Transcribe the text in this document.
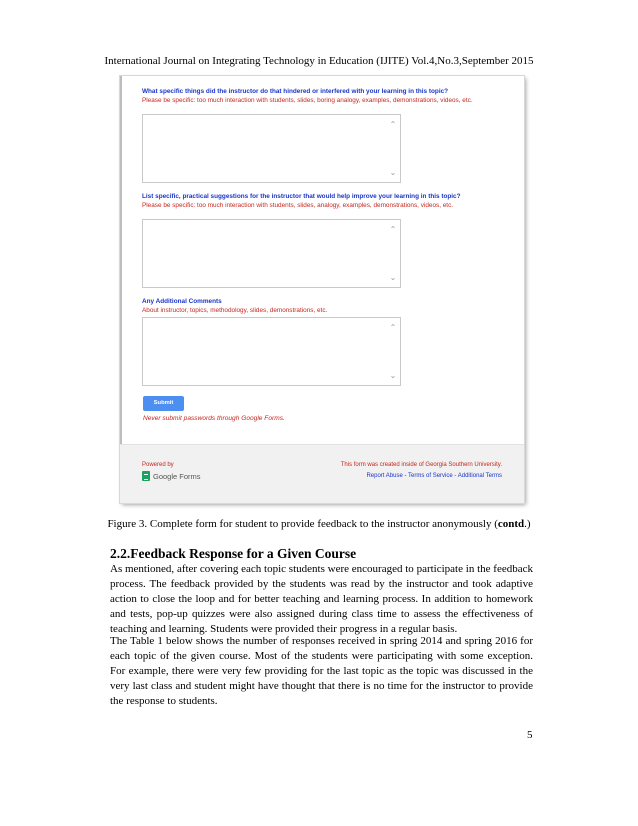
International Journal on Integrating Technology in Education (IJITE) Vol.4,No.3,September 2015
What specific things did the instructor do that hindered or interfered with your learning in this topic?
Please be specific: too much interaction with students, slides, boring analogy, examples, demonstrations, videos, etc.
⌃
⌄
List specific, practical suggestions for the instructor that would help improve your learning in this topic?
Please be specific: too much interaction with students, slides, analogy, examples, demonstrations, videos, etc.
⌃
⌄
Any Additional Comments
About instructor, topics, methodology, slides, demonstrations, etc.
⌃
⌄
Submit
Never submit passwords through Google Forms.
Powered by
Google Forms
This form was created inside of Georgia Southern University.
Report Abuse - Terms of Service - Additional Terms
Figure 3. Complete form for student to provide feedback to the instructor anonymously (contd.)
2.2.Feedback Response for a Given Course
As mentioned, after covering each topic students were encouraged to participate in the feedback process. The feedback provided by the students was read by the instructor and took adaptive action to close the loop and for better teaching and learning process. In addition to homework and tests, pop-up quizzes were also assigned during class time to assess the effectiveness of teaching and learning. Students were provided their progress in a regular basis.
The Table 1 below shows the number of responses received in spring 2014 and spring 2016 for each topic of the given course. Most of the students were participating with some exception. For example, there were very few providing for the last topic as the topic was discussed in the very last class and student might have thought that there is no time for the instructor to provide the response to students.
5
